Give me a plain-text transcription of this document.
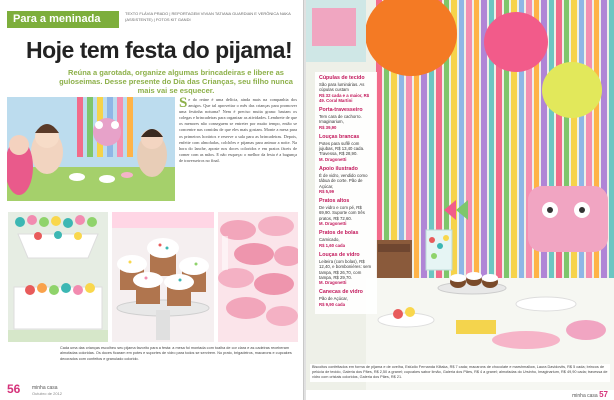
Para a meninada	TEXTO FLÁVIA PRADO | REPORTAGEM VIVIAN TATIANA GUARDIAN E VERÔNICA NAKA (ASSISTENTE) | FOTOS KIT GANDI
Hoje tem festa do pijama!
Reúna a garotada, organize algumas brincadeiras e libere as guloseimas. Desse presente do Dia das Crianças, seu filho nunca mais vai se esquecer.
S e do reúne é uma delícia, ainda mais na companhia dos amigos. Que tal aproveitar o mês das crianças para promover uma festinha noturna? Nem é preciso muita grana: bastam os colegas e brincadeiras para organizar as atividades. Lembrete de que os menores não conseguem se entreter por muito tempo, então se concentre nas comidas de que eles mais gostam. Monte a mesa para os primeiros horários e reserve a sala para as brincadeiras. Depois, enfeite com almofadas, colchões e pijamas para animar a noite. Na hora do lanche, aposte nos doces coloridos e em pratos fáceis de comer com as mãos. E não esqueça: o melhor da festa é a bagunça de travesseiros no final.
Cada uma das crianças escolheu seu pijama favorito para a festa: a mesa foi montada com toalha de cor clara e as cadeiras receberam almofadas coloridas. Os doces ficaram em potes e suportes de vidro para todos se servirem. No prato, brigadeiros, macarons e cupcakes decorados com confeitos e granulado colorido.
56 minha casa
Outubro de 2012
Cúpulas de tecido
São para luminárias. As cúpulas custam
R$ 32 cada e a maior, R$ 49. Coral Martini
Porta-travesseiro
Tem cara de cachorro. Imaginarium,
R$ 39,90
Louças brancas
Potes para suflê com jujubas, R$ 13,40 cada. Travessa, R$ 28,90.
M. Dragonetti
Apoio ilustrado
É de vidro, vendido como tábua de corte. Pão de Açúcar,
R$ 5,99
Pratos altos
De vidro e com pé, R$ 69,90. Suporte com três pratos, R$ 72,60.
M. Dragonetti
Pratos de bolas
Camicado,
R$ 1,60 cada
Louças de vidro
Leiteira (com bolas), R$ 12,40, e bomboniéres: sem tampa, R$ 26,70, com tampa, R$ 29,70.
M. Dragonetti
Canecas de vidro
Pão de Açúcar,
R$ 9,90 cada
Biscoitos confeitados em forma de pijama e de ovelha, Estúdio Fernanda Kiltaka, R$ 7 cada; macarons de chocolate e marshmallow, Laura Davidovits, R$ 5 cada; brincos de pelúcia de tecido, Galeria dos Pães, R$ 2,50 a granel; cupcakes sabor limão, Galeria dos Pães, R$ 4 a granel; almofadas do Ursinho, Imaginarium, R$ 49,90 cada; travessa de vidro com cristais coloridos, Galeria dos Pães, R$ 21.
minha casa 57
